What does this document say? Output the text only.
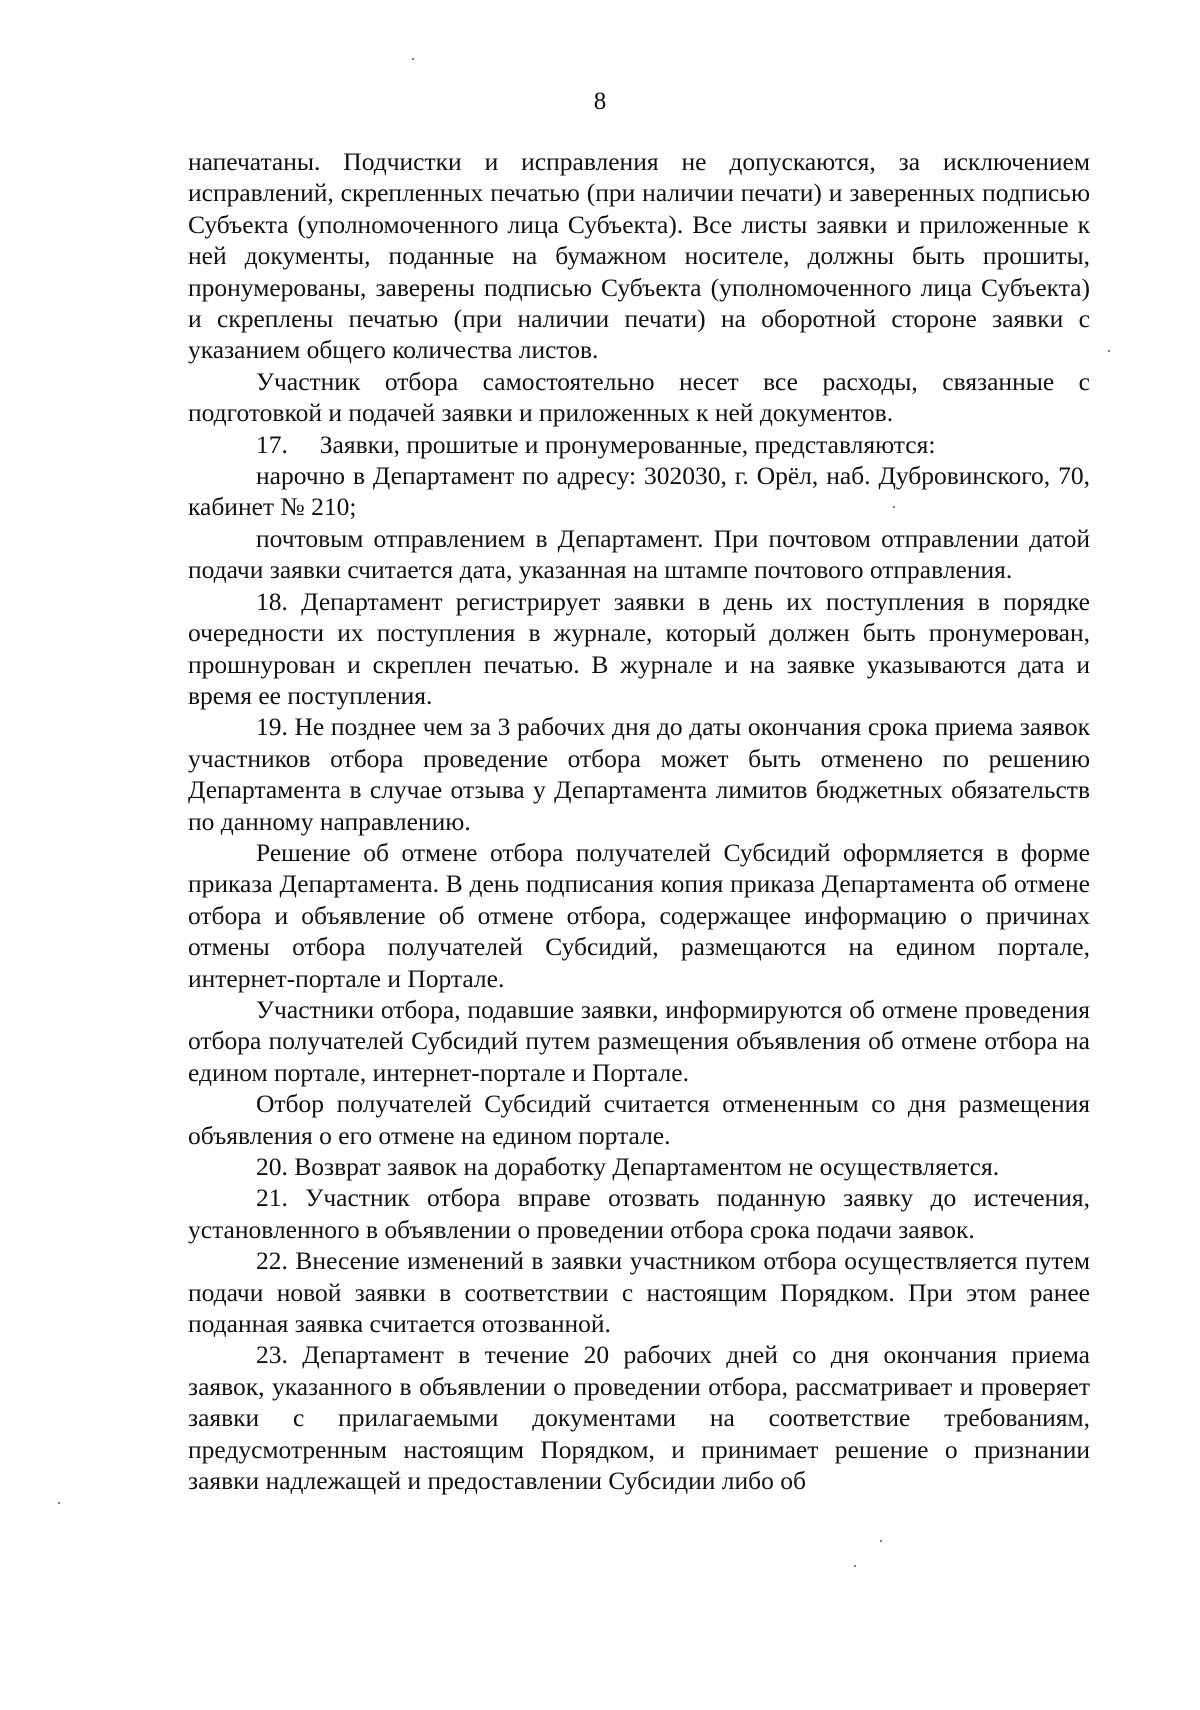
8

напечатаны. Подчистки и исправления не допускаются, за исключением исправлений, скрепленных печатью (при наличии печати) и заверенных подписью Субъекта (уполномоченного лица Субъекта). Все листы заявки и приложенные к ней документы, поданные на бумажном носителе, должны быть прошиты, пронумерованы, заверены подписью Субъекта (уполномоченного лица Субъекта) и скреплены печатью (при наличии печати) на оборотной стороне заявки с указанием общего количества листов.

Участник отбора самостоятельно несет все расходы, связанные с подготовкой и подачей заявки и приложенных к ней документов.

17.     Заявки, прошитые и пронумерованные, представляются:

нарочно в Департамент по адресу: 302030, г. Орёл, наб. Дубровинского, 70, кабинет № 210;

почтовым отправлением в Департамент. При почтовом отправлении датой подачи заявки считается дата, указанная на штампе почтового отправления.

18. Департамент регистрирует заявки в день их поступления в порядке очередности их поступления в журнале, который должен быть пронумерован, прошнурован и скреплен печатью. В журнале и на заявке указываются дата и время ее поступления.

19. Не позднее чем за 3 рабочих дня до даты окончания срока приема заявок участников отбора проведение отбора может быть отменено по решению Департамента в случае отзыва у Департамента лимитов бюджетных обязательств по данному направлению.

Решение об отмене отбора получателей Субсидий оформляется в форме приказа Департамента. В день подписания копия приказа Департамента об отмене отбора и объявление об отмене отбора, содержащее информацию о причинах отмены отбора получателей Субсидий, размещаются на едином портале, интернет-портале и Портале.

Участники отбора, подавшие заявки, информируются об отмене проведения отбора получателей Субсидий путем размещения объявления об отмене отбора на едином портале, интернет-портале и Портале.

Отбор получателей Субсидий считается отмененным со дня размещения объявления о его отмене на едином портале.

20. Возврат заявок на доработку Департаментом не осуществляется.

21. Участник отбора вправе отозвать поданную заявку до истечения, установленного в объявлении о проведении отбора срока подачи заявок.

22. Внесение изменений в заявки участником отбора осуществляется путем подачи новой заявки в соответствии с настоящим Порядком. При этом ранее поданная заявка считается отозванной.

23. Департамент в течение 20 рабочих дней со дня окончания приема заявок, указанного в объявлении о проведении отбора, рассматривает и проверяет заявки с прилагаемыми документами на соответствие требованиям, предусмотренным настоящим Порядком, и принимает решение о признании заявки надлежащей и предоставлении Субсидии либо об
